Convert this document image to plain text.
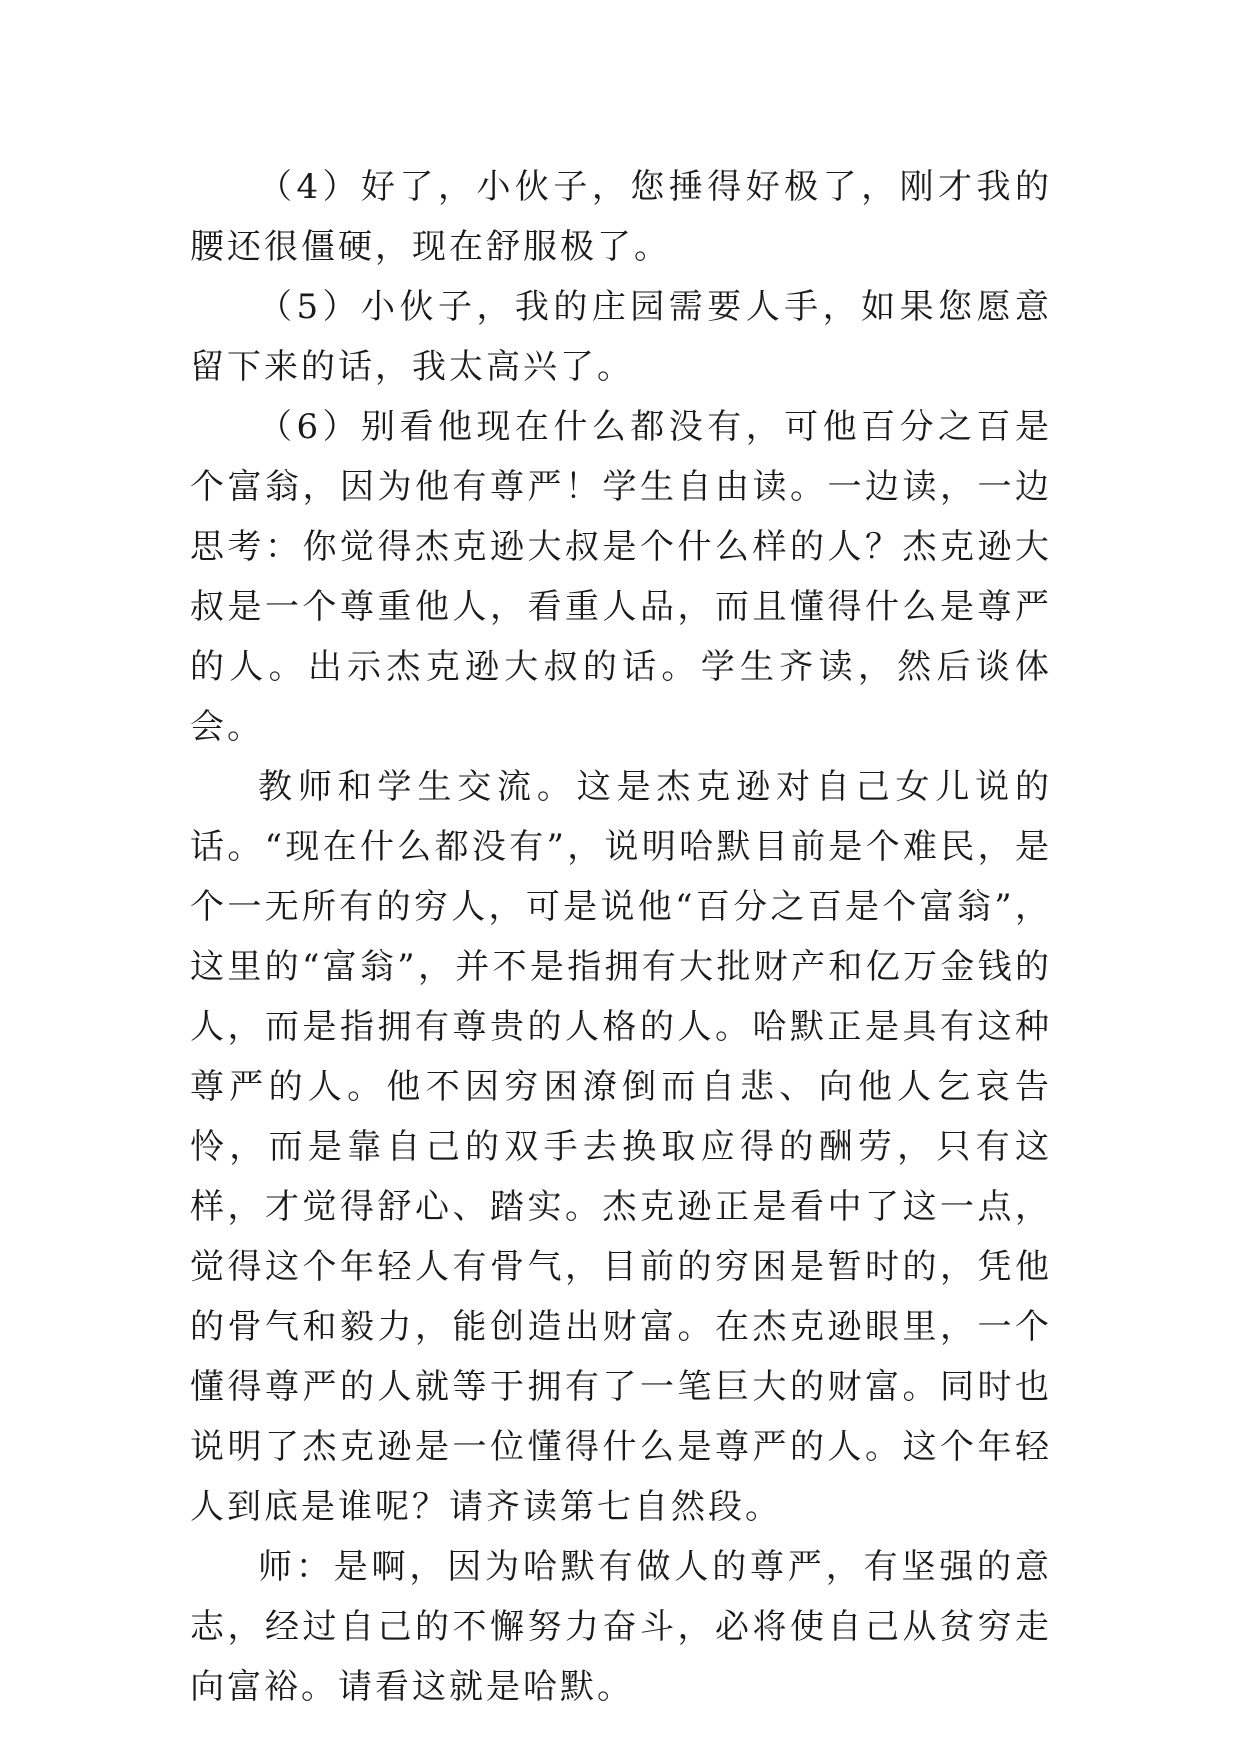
（4）好了，小伙子，您捶得好极了，刚才我的腰还很僵硬，现在舒服极了。

（5）小伙子，我的庄园需要人手，如果您愿意留下来的话，我太高兴了。

（6）别看他现在什么都没有，可他百分之百是个富翁，因为他有尊严！学生自由读。一边读，一边思考：你觉得杰克逊大叔是个什么样的人？杰克逊大叔是一个尊重他人，看重人品，而且懂得什么是尊严的人。出示杰克逊大叔的话。学生齐读，然后谈体会。

教师和学生交流。这是杰克逊对自己女儿说的话。“现在什么都没有”，说明哈默目前是个难民，是个一无所有的穷人，可是说他“百分之百是个富翁”，这里的“富翁”，并不是指拥有大批财产和亿万金钱的人，而是指拥有尊贵的人格的人。哈默正是具有这种尊严的人。他不因穷困潦倒而自悲、向他人乞哀告怜，而是靠自己的双手去换取应得的酬劳，只有这样，才觉得舒心、踏实。杰克逊正是看中了这一点，觉得这个年轻人有骨气，目前的穷困是暂时的，凭他的骨气和毅力，能创造出财富。在杰克逊眼里，一个懂得尊严的人就等于拥有了一笔巨大的财富。同时也说明了杰克逊是一位懂得什么是尊严的人。这个年轻人到底是谁呢？请齐读第七自然段。

师：是啊，因为哈默有做人的尊严，有坚强的意志，经过自己的不懈努力奋斗，必将使自己从贫穷走向富裕。请看这就是哈默。
